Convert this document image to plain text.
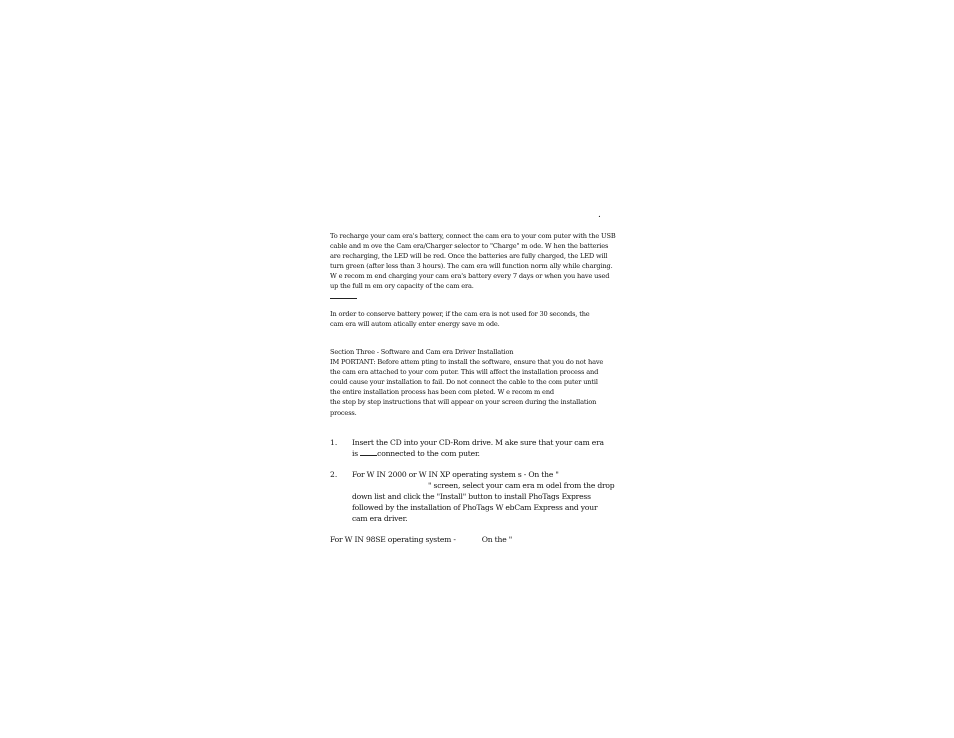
.

To recharge your cam era's battery, connect the cam era to your com puter with the USB

cable and m ove the Cam era/Charger selector to "Charge" m ode. W hen the batteries

are recharging, the LED will be red. Once the batteries are fully charged, the LED will

turn green (after less than 3 hours). The cam era will function norm ally while charging.

W e recom m end charging your cam era's battery every 7 days or when you have used

up the full m em ory capacity of the cam era.

In order to conserve battery power, if the cam era is not used for 30 seconds, the

cam era will autom atically enter energy save m ode.

Section Three - Software and Cam era Driver Installation

IM PORTANT: Before attem pting to install the software, ensure that you do not have

the cam era attached to your com puter. This will affect the installation process and

could cause your installation to fail. Do not connect the cable to the com puter until

the entire installation process has been com pleted. W e recom m end

the step by step instructions that will appear on your screen during the installation

process.

1. Insert the CD into your CD-Rom drive. M ake sure that your cam era

is	connected to the com puter.

2. For W IN 2000 or W IN XP operating system s - On the "

" screen, select your cam era m odel from the drop

down list and click the "Install" button to install PhoTags Express

followed by the installation of PhoTags W ebCam Express and your

cam era driver.

For W IN 98SE operating system -	On the "
